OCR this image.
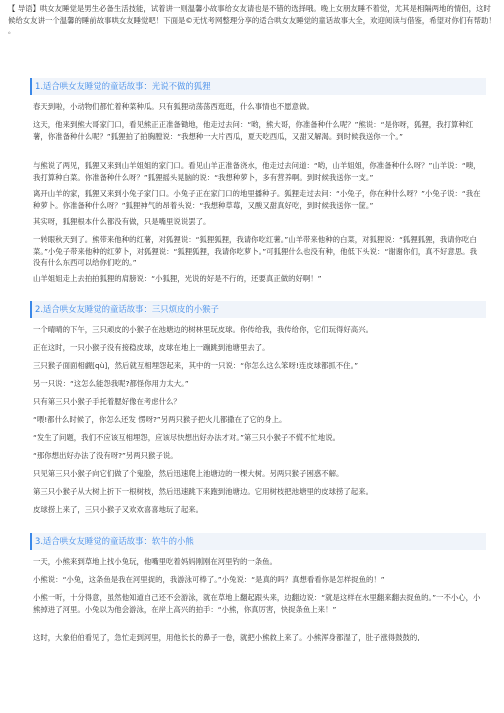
【 导语】哄女友睡觉是男生必备生活技能，试着讲一则温馨小故事给女友请也是不错的选择哦。晚上女朋友睡不着觉，尤其是相隔两地的情侣，这时候给女友讲一个温馨的睡前故事哄女友睡觉吧！下面是©无忧考网整理分享的适合哄女友睡觉的童话故事大全，欢迎阅读与借鉴，希望对你们有帮助！
。
1.适合哄女友睡觉的童话故事：光说不做的狐狸

春天到啦，小动物们都忙着种菜种瓜。只有狐狸动荡荡西逛逛，什么事情也不愿意做。

这天，他来到熊大哥家门口，看见熊正正准备锄地，他走过去问：“哟，熊大哥，你准备种什么呢？”熊说：“是你呀，狐狸，我打算种红薯，你准备种什么呢？”狐狸拍了拍胸膛说：“我想种一大片西瓜，夏天吃西瓜，又甜又解渴。到时候我送你一个。”

与熊说了两见，狐狸又来到山羊姐姐的家门口。看见山羊正准备浇水，他走过去问道：“哟，山羊姐姐，你准备种什么呀？”山羊说：“噢，我打算种白菜。你准备种什么呀？”狐狸摇头晃脑的说：“我想种萝卜，多有营养啊。到时候我送你一支。”

离开山羊的家，狐狸又来到小兔子家门口。小兔子正在家门口的地里播种子。狐狸走过去问：“小兔子，你在种什么呀？”小兔子说：“我在种萝卜。你准备种什么呀？”狐狸神气的昂着头说：“我想种草莓，又酸又甜真好吃，到时候我送你一筐。”

其实呀，狐狸根本什么都没有做，只是嘴里说说罢了。

一转眼秋天到了。熊带来他种的红薯，对狐狸说：“狐狸狐狸，我请你吃红薯。”山羊带来他种的白菜，对狐狸说：“狐狸狐狸，我请你吃白菜。”小兔子带来他种的红萝卜，对狐狸说：“狐狸狐狸，我请你吃萝卜。”可狐狸什么也没有种，他低下头说：“谢谢你们，真不好意思。我没有什么东西可以给你们吃的。”

山羊姐姐走上去拍拍狐狸的肩膀说：“小狐狸，光说的好是不行的，还要真正做的好啊！”

2.适合哄女友睡觉的童话故事：三只烦皮的小猴子

一个晴晴的下午，三只顽皮的小猴子在池塘边的树林里玩皮球。你传给我，我传给你，它们玩得好高兴。

正在这时，一只小猴子没有接稳皮球，皮球在地上一蹦跳到池塘里去了。

三只猴子面面相觑[qù]，然后就互相埋怨起来，其中的一只说：“你怎么这么笨呀!连皮球都抓不住。”

另一只说：“这怎么能怨我呢?都怪你用力太大。”

只有第三只小猴子手托着腮好像在考虑什么？

“喂!都什么时候了，你怎么还发 愣呀?”另两只猴子把火儿都撒在了它的身上。

“发生了问题，我们不应该互相埋怨，应该尽快想出好办法才对。”第三只小猴子不慌不忙地说。

“那你想出好办法了没有呀?”另两只猴子说。

只见第三只小猴子向它们做了个鬼脸，然后迅速爬上池塘边的一棵大树。另两只猴子困惑不解。

第三只小猴子从大树上折下一根树枝，然后迅速跳下来跑到池塘边。它用树枝把池塘里的皮球捞了起来。

皮球捞上来了，三只小猴子又欢欢喜喜地玩了起来。

3.适合哄女友睡觉的童话故事：软牛的小熊

一天，小熊来到草地上找小兔玩，他嘴里吃着妈妈刚刚在河里钓的一条鱼。

小熊说：“小兔，这条鱼是我在河里捉的，我游泳可棒了。”小兔说：“是真的吗？真想看看你是怎样捉鱼的！”

小熊一听，十分得意，虽然他知道自己还不会游泳，就在草地上翻起跟头来，边翻边说：“就是这样在水里翻来翻去捉鱼的。”一不小心，小熊掉进了河里。小兔以为他会游泳，在岸上高兴的拍手：“小熊，你真厉害，快捉条鱼上来！”

这时，大象伯伯看见了，急忙走到河里，用他长长的鼻子一卷，就把小熊救上来了。小熊浑身都湿了，肚子涨得鼓鼓的,
